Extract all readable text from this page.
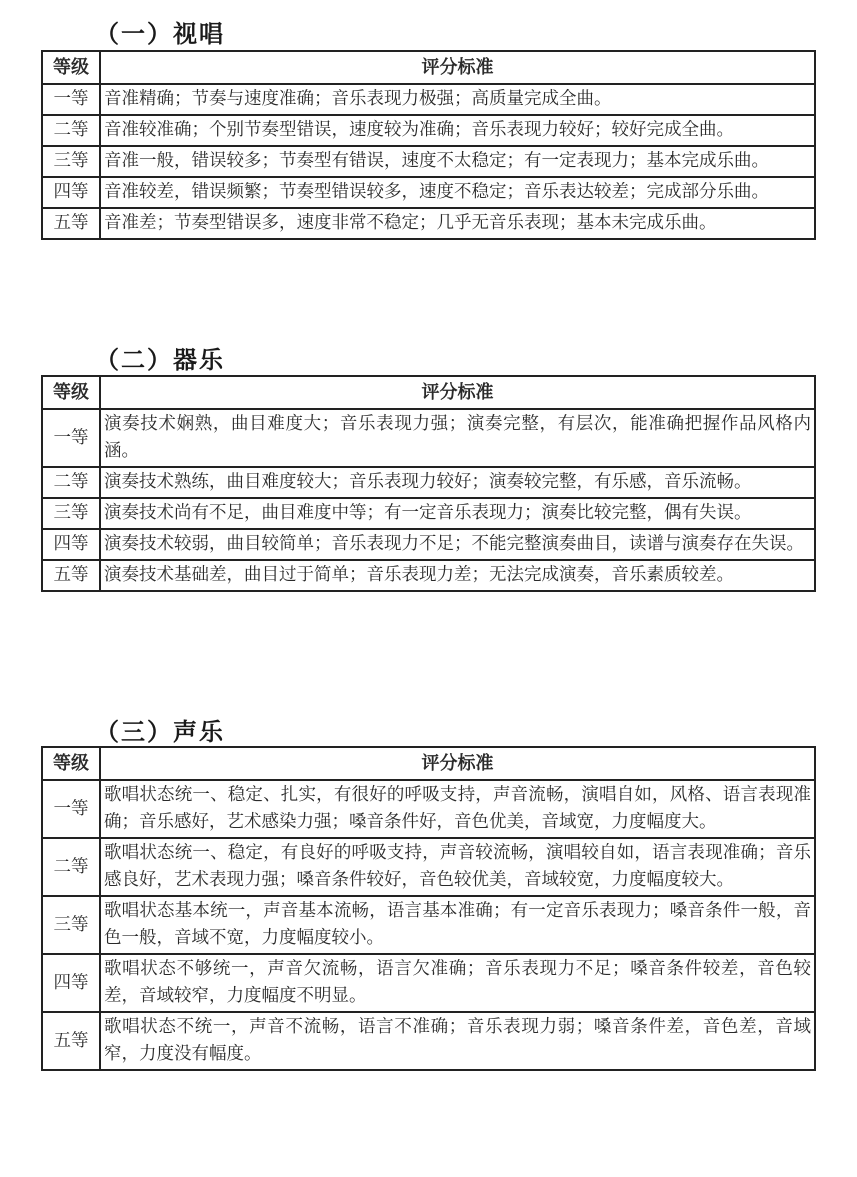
（一）视唱
等级	评分标准
一等	音准精确；节奏与速度准确；音乐表现力极强；高质量完成全曲。
二等	音准较准确；个别节奏型错误，速度较为准确；音乐表现力较好；较好完成全曲。
三等	音准一般，错误较多；节奏型有错误，速度不太稳定；有一定表现力；基本完成乐曲。
四等	音准较差，错误频繁；节奏型错误较多，速度不稳定；音乐表达较差；完成部分乐曲。
五等	音准差；节奏型错误多，速度非常不稳定；几乎无音乐表现；基本未完成乐曲。
（二）器乐
等级	评分标准
一等	演奏技术娴熟，曲目难度大；音乐表现力强；演奏完整，有层次，能准确把握作品风格内涵。
二等	演奏技术熟练，曲目难度较大；音乐表现力较好；演奏较完整，有乐感，音乐流畅。
三等	演奏技术尚有不足，曲目难度中等；有一定音乐表现力；演奏比较完整，偶有失误。
四等	演奏技术较弱，曲目较简单；音乐表现力不足；不能完整演奏曲目，读谱与演奏存在失误。
五等	演奏技术基础差，曲目过于简单；音乐表现力差；无法完成演奏，音乐素质较差。
（三）声乐
等级	评分标准
一等	歌唱状态统一、稳定、扎实，有很好的呼吸支持，声音流畅，演唱自如，风格、语言表现准确；音乐感好，艺术感染力强；嗓音条件好，音色优美，音域宽，力度幅度大。
二等	歌唱状态统一、稳定，有良好的呼吸支持，声音较流畅，演唱较自如，语言表现准确；音乐感良好，艺术表现力强；嗓音条件较好，音色较优美，音域较宽，力度幅度较大。
三等	歌唱状态基本统一，声音基本流畅，语言基本准确；有一定音乐表现力；嗓音条件一般，音色一般，音域不宽，力度幅度较小。
四等	歌唱状态不够统一，声音欠流畅，语言欠准确；音乐表现力不足；嗓音条件较差，音色较差，音域较窄，力度幅度不明显。
五等	歌唱状态不统一，声音不流畅，语言不准确；音乐表现力弱；嗓音条件差，音色差，音域窄，力度没有幅度。
